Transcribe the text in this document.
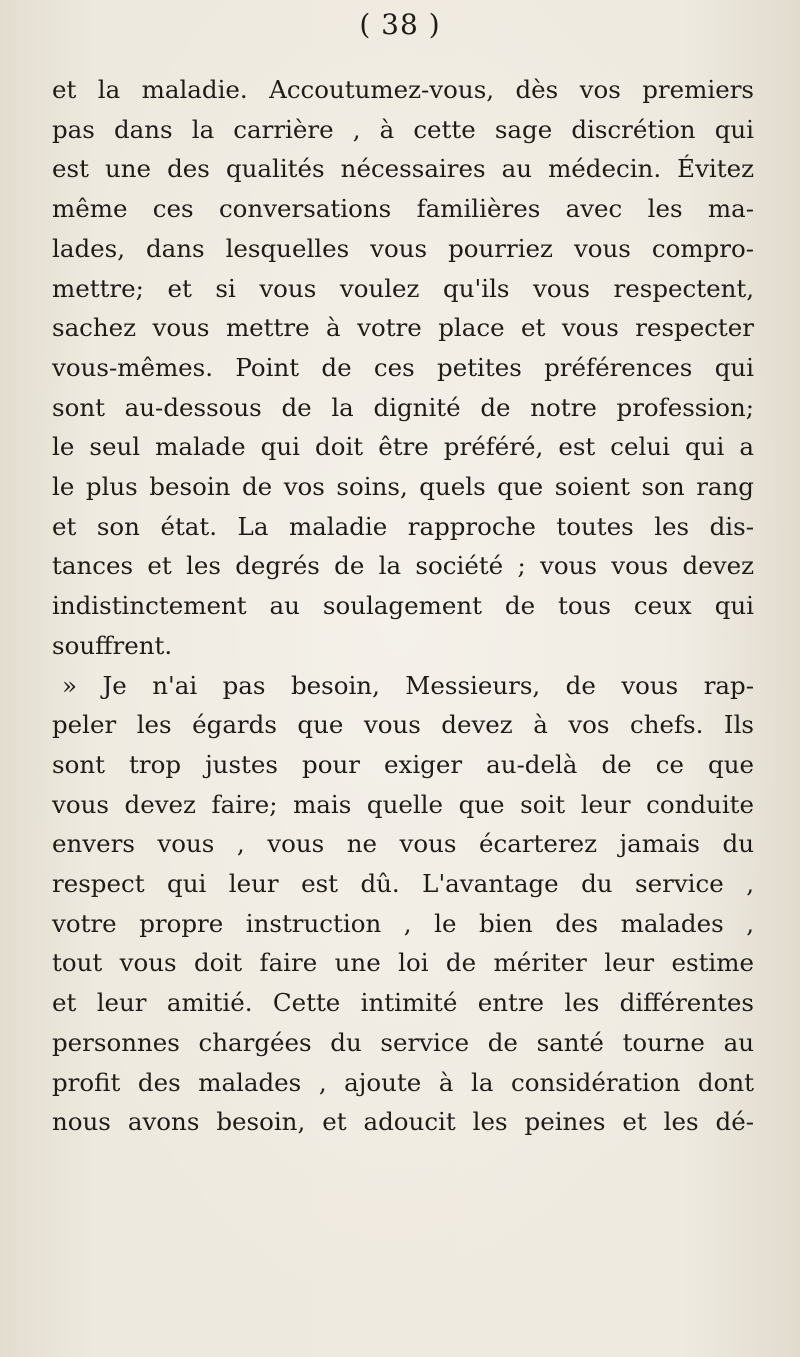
( 38 )
et la maladie. Accoutumez-vous, dès vos premiers
pas dans la carrière , à cette sage discrétion qui
est une des qualités nécessaires au médecin. Évitez
même ces conversations familières avec les ma-
lades, dans lesquelles vous pourriez vous compro-
mettre; et si vous voulez qu'ils vous respectent,
sachez vous mettre à votre place et vous respecter
vous-mêmes. Point de ces petites préférences qui
sont au-dessous de la dignité de notre profession;
le seul malade qui doit être préféré, est celui qui a
le plus besoin de vos soins, quels que soient son rang
et son état. La maladie rapproche toutes les dis-
tances et les degrés de la société ; vous vous devez
indistinctement au soulagement de tous ceux qui
souffrent.
» Je n'ai pas besoin, Messieurs, de vous rap-
peler les égards que vous devez à vos chefs. Ils
sont trop justes pour exiger au-delà de ce que
vous devez faire; mais quelle que soit leur conduite
envers vous , vous ne vous écarterez jamais du
respect qui leur est dû. L'avantage du service ,
votre propre instruction , le bien des malades ,
tout vous doit faire une loi de mériter leur estime
et leur amitié. Cette intimité entre les différentes
personnes chargées du service de santé tourne au
profit des malades , ajoute à la considération dont
nous avons besoin, et adoucit les peines et les dé-
